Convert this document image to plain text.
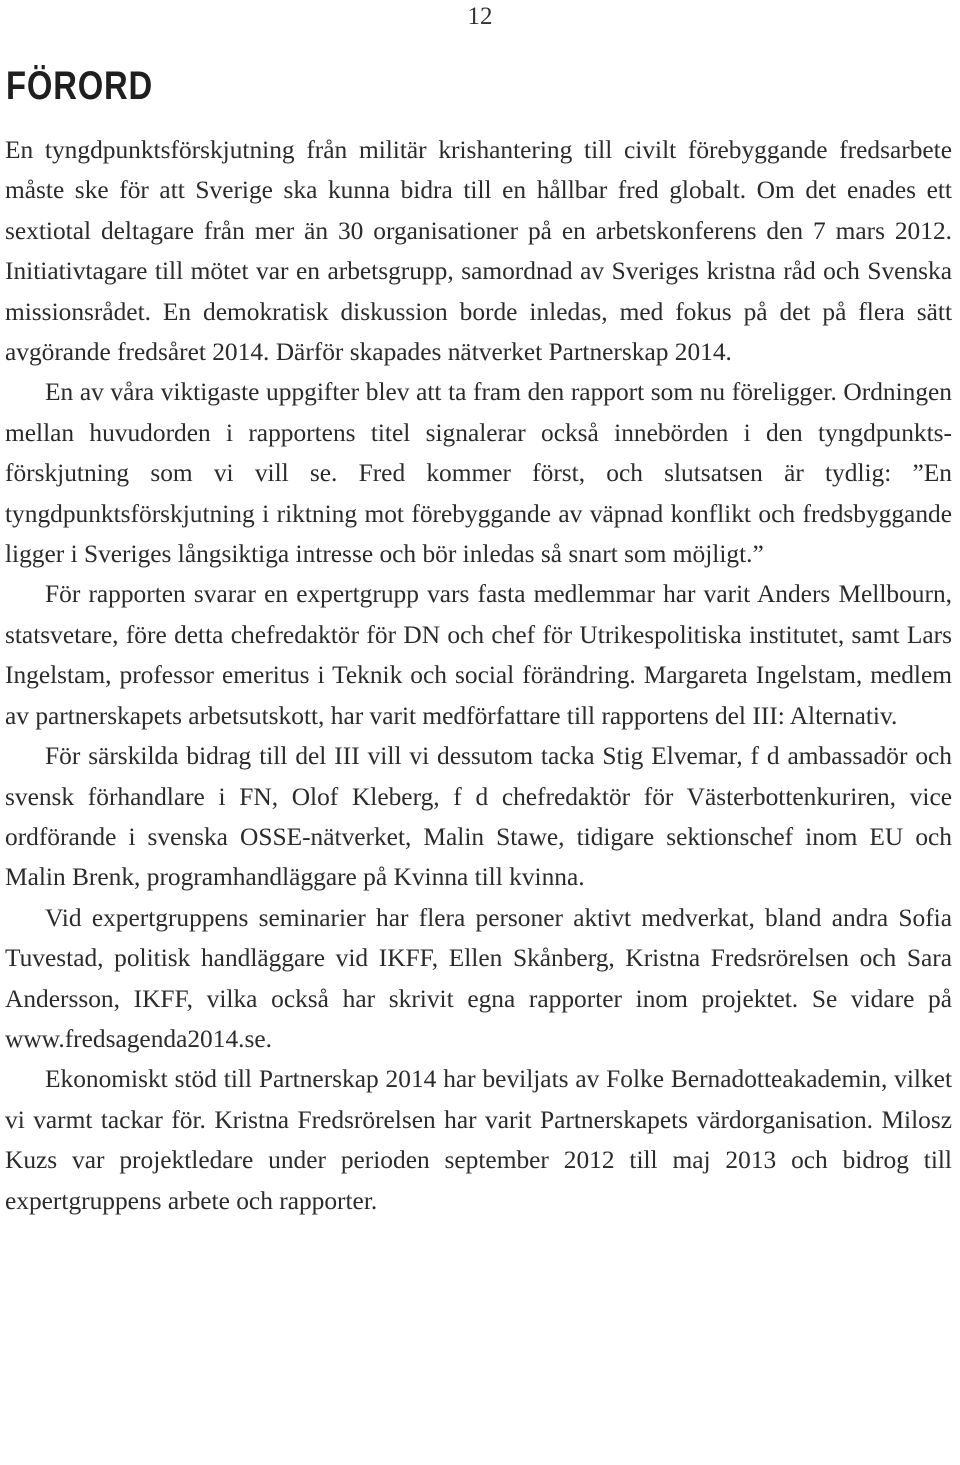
12
FÖRORD

En tyngdpunktsförskjutning från militär krishantering till civilt förebyggande fredsarbete måste ske för att Sverige ska kunna bidra till en hållbar fred globalt. Om det enades ett sextiotal deltagare från mer än 30 organisationer på en arbetskonferens den 7 mars 2012. Initiativtagare till mötet var en arbetsgrupp, samordnad av Sveriges kristna råd och Svenska missionsrådet. En demokratisk diskussion borde inledas, med fokus på det på flera sätt avgörande fredsåret 2014. Därför skapades nätverket Partnerskap 2014.

En av våra viktigaste uppgifter blev att ta fram den rapport som nu föreligger. Ordningen mellan huvudorden i rapportens titel signalerar också innebörden i den tyngdpunkts-förskjutning som vi vill se. Fred kommer först, och slutsatsen är tydlig: ”En tyngdpunktsförskjutning i riktning mot förebyggande av väpnad konflikt och fredsbyggande ligger i Sveriges långsiktiga intresse och bör inledas så snart som möjligt.”

För rapporten svarar en expertgrupp vars fasta medlemmar har varit Anders Mellbourn, statsvetare, före detta chefredaktör för DN och chef för Utrikespolitiska institutet, samt Lars Ingelstam, professor emeritus i Teknik och social förändring. Margareta Ingelstam, medlem av partnerskapets arbetsutskott, har varit medförfattare till rapportens del III: Alternativ.

För särskilda bidrag till del III vill vi dessutom tacka Stig Elvemar, f d ambassadör och svensk förhandlare i FN, Olof Kleberg, f d chefredaktör för Västerbottenkuriren, vice ordförande i svenska OSSE-nätverket, Malin Stawe, tidigare sektionschef inom EU och Malin Brenk, programhandläggare på Kvinna till kvinna.

Vid expertgruppens seminarier har flera personer aktivt medverkat, bland andra Sofia Tuvestad, politisk handläggare vid IKFF, Ellen Skånberg, Kristna Fredsrörelsen och Sara Andersson, IKFF, vilka också har skrivit egna rapporter inom projektet. Se vidare på www.fredsagenda2014.se.

Ekonomiskt stöd till Partnerskap 2014 har beviljats av Folke Bernadotteakademin, vilket vi varmt tackar för. Kristna Fredsrörelsen har varit Partnerskapets värdorganisation. Milosz Kuzs var projektledare under perioden september 2012 till maj 2013 och bidrog till expertgruppens arbete och rapporter.
